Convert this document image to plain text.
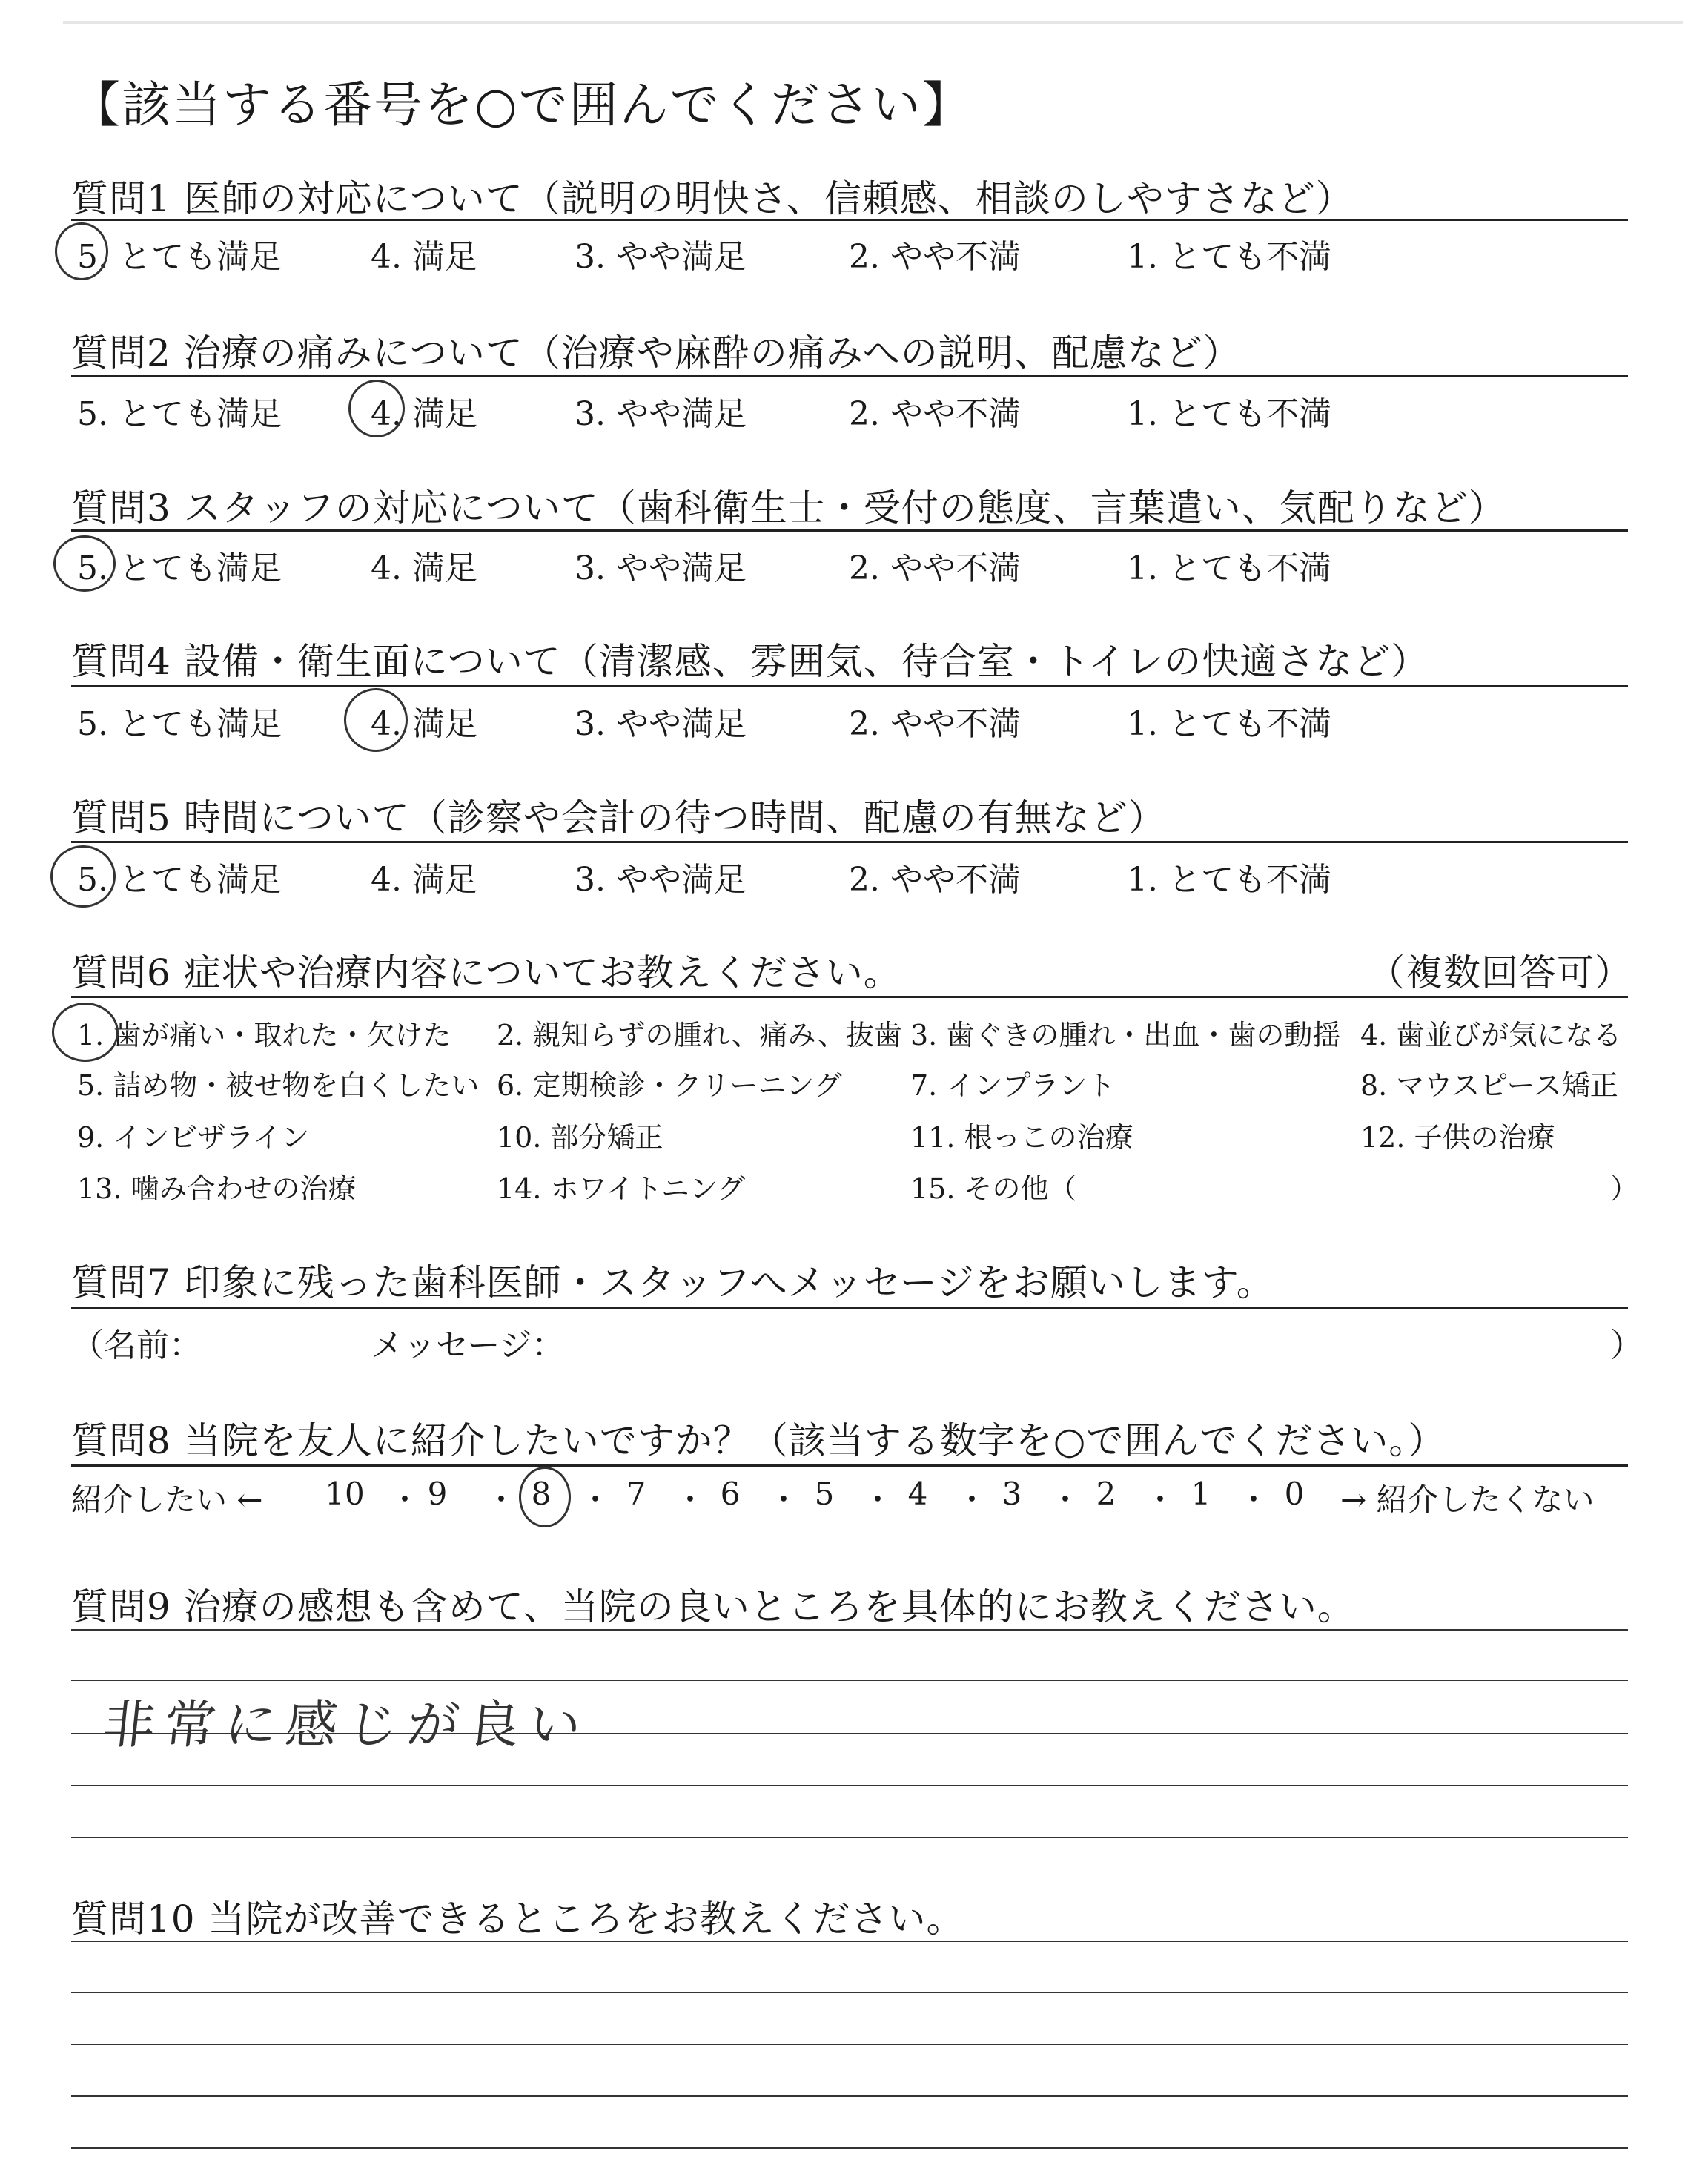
【該当する番号を○で囲んでください】
質問1 医師の対応について（説明の明快さ、信頼感、相談のしやすさなど）
5. とても満足	4. 満足	3. やや満足	2. やや不満	1. とても不満
質問2 治療の痛みについて（治療や麻酔の痛みへの説明、配慮など）
5. とても満足	4. 満足	3. やや満足	2. やや不満	1. とても不満
質問3 スタッフの対応について（歯科衛生士・受付の態度、言葉遣い、気配りなど）
5. とても満足	4. 満足	3. やや満足	2. やや不満	1. とても不満
質問4 設備・衛生面について（清潔感、雰囲気、待合室・トイレの快適さなど）
5. とても満足	4. 満足	3. やや満足	2. やや不満	1. とても不満
質問5 時間について（診察や会計の待つ時間、配慮の有無など）
5. とても満足	4. 満足	3. やや満足	2. やや不満	1. とても不満
質問6 症状や治療内容についてお教えください。	（複数回答可）
1. 歯が痛い・取れた・欠けた 2. 親知らずの腫れ、痛み、抜歯 3. 歯ぐきの腫れ・出血・歯の動揺 4. 歯並びが気になる
5. 詰め物・被せ物を白くしたい 6. 定期検診・クリーニング 7. インプラント	8. マウスピース矯正
9. インビザライン	10. 部分矯正	11. 根っこの治療	12. 子供の治療
13. 噛み合わせの治療	14. ホワイトニング	15. その他（	）
質問7 印象に残った歯科医師・スタッフへメッセージをお願いします。
（名前：	メッセージ：	）
質問8 当院を友人に紹介したいですか？（該当する数字を○で囲んでください。）
紹介したい ← 10	9	8	7	6	5	4	3	2	1	0	→ 紹介したくない
・ ・ ・ ・ ・ ・ ・ ・ ・ ・
質問9 治療の感想も含めて、当院の良いところを具体的にお教えください。
非常に感じが良い
質問10 当院が改善できるところをお教えください。
